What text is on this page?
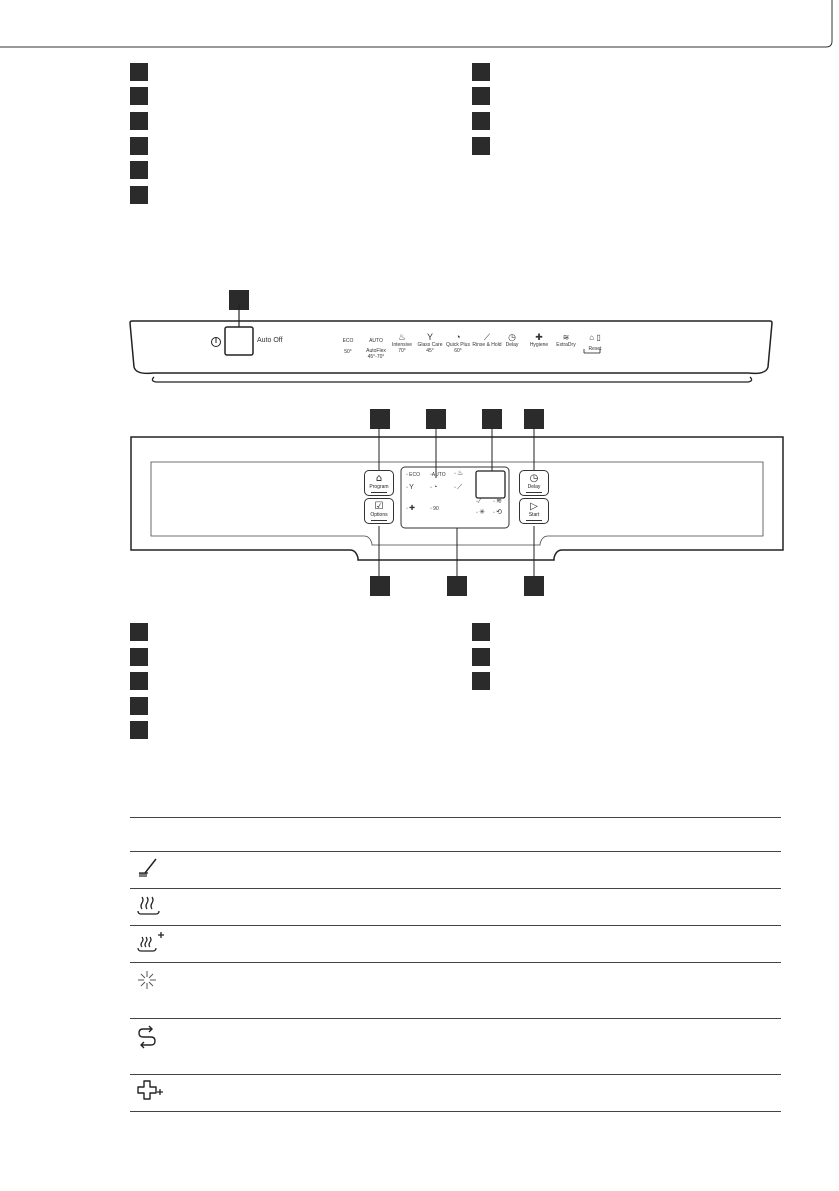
Auto Off	ECO
50°
AUTO
AutoFlex
45°-70°
♨
Intensive
70°
Y
Glass Care
45°
◔
Quick Plus
60°
⟋
Rinse & Hold
◷
Delay
✚
Hygiene
≋
ExtraDry
⌂ ▯
Reset
⌂
Program
☑
Options
◷
Delay
▷
Start
▫ ECO ▫AUTO ▫ ♨
▫ Y	▫ ◔	▫ ⟋
▫ ✚	▫ 90
▫ ⁄	▫ ≋
▫ ✳ ▫ ⟲
